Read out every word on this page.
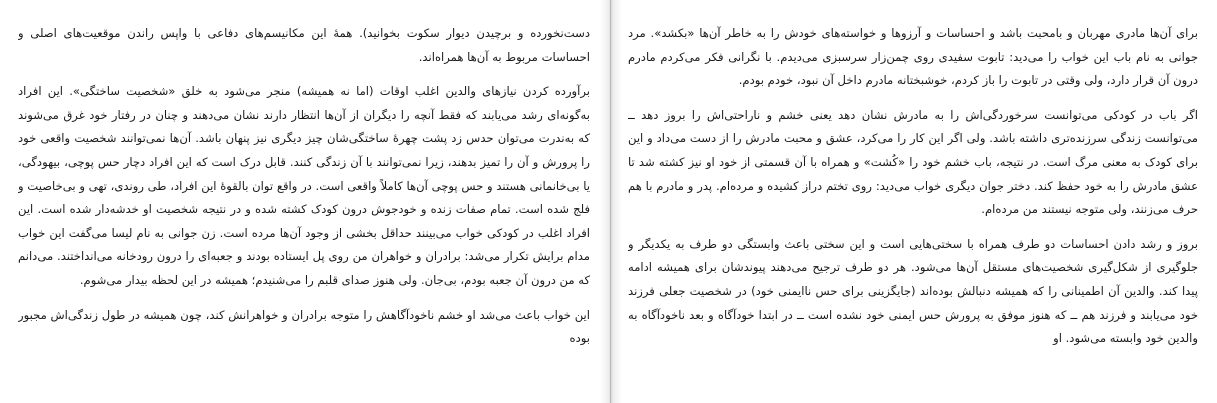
دست‌نخورده و برچیدن دیوار سکوت بخوانید). همهٔ این مکانیسم‌های دفاعی با واپس راندن موقعیت‌های اصلی و احساسات مربوط به آن‌ها همراه‌اند.

برآورده کردن نیازهای والدین اغلب اوقات (اما نه همیشه) منجر می‌شود به خلق «شخصیت ساختگی». این افراد به‌گونه‌ای رشد می‌یابند که فقط آنچه را دیگران از آن‌ها انتظار دارند نشان می‌دهند و چنان در رفتار خود غرق می‌شوند که به‌ندرت می‌توان حدس زد پشت چهرهٔ ساختگی‌شان چیز دیگری نیز پنهان باشد. آن‌ها نمی‌توانند شخصیت واقعی خود را پرورش و آن را تمیز بدهند، زیرا نمی‌توانند با آن زندگی کنند. قابل درک است که این افراد دچار حس پوچی، بیهودگی، یا بی‌خانمانی هستند و حس پوچی آن‌ها کاملاً واقعی است. در واقع توان بالقوهٔ این افراد، طی روندی، تهی و بی‌خاصیت و فلج شده است. تمام صفات زنده و خودجوش درون کودک کشته شده و در نتیجه شخصیت او خدشه‌دار شده است. این افراد اغلب در کودکی خواب می‌بینند حداقل بخشی از وجود آن‌ها مرده است. زن جوانی به نام لیسا می‌گفت این خواب مدام برایش تکرار می‌شد: برادران و خواهران من روی پل ایستاده بودند و جعبه‌ای را درون رودخانه می‌انداختند. می‌دانم که من درون آن جعبه بودم، بی‌جان. ولی هنوز صدای قلبم را می‌شنیدم؛ همیشه در این لحظه بیدار می‌شوم.

این خواب باعث می‌شد او خشم ناخودآگاهش را متوجه برادران و خواهرانش کند، چون همیشه در طول زندگی‌اش مجبور بوده

برای آن‌ها مادری مهربان و بامحبت باشد و احساسات و آرزوها و خواسته‌های خودش را به خاطر آن‌ها «بکشد». مرد جوانی به نام باب این خواب را می‌دید: تابوت سفیدی روی چمن‌زار سرسبزی می‌دیدم. با نگرانی فکر می‌کردم مادرم درون آن قرار دارد، ولی وقتی در تابوت را باز کردم، خوشبختانه مادرم داخل آن نبود، خودم بودم.

اگر باب در کودکی می‌توانست سرخوردگی‌اش را به مادرش نشان دهد یعنی خشم و ناراحتی‌اش را بروز دهد ــ می‌توانست زندگی سرزنده‌تری داشته باشد. ولی اگر این کار را می‌کرد، عشق و محبت مادرش را از دست می‌داد و این برای کودک به معنی مرگ است. در نتیجه، باب خشم خود را «کُشت» و همراه با آن قسمتی از خود او نیز کشته شد تا عشق مادرش را به خود حفظ کند. دختر جوان دیگری خواب می‌دید: روی تختم دراز کشیده و مرده‌ام. پدر و مادرم با هم حرف می‌زنند، ولی متوجه نیستند من مرده‌ام.

بروز و رشد دادن احساسات دو طرف همراه با سختی‌هایی است و این سختی باعث وابستگی دو طرف به یکدیگر و جلوگیری از شکل‌گیری شخصیت‌های مستقل آن‌ها می‌شود. هر دو طرف ترجیح می‌دهند پیوندشان برای همیشه ادامه پیدا کند. والدین آن اطمینانی را که همیشه دنبالش بوده‌اند (جایگزینی برای حس ناایمنی خود) در شخصیت جعلی فرزند خود می‌یابند و فرزند هم ــ که هنوز موفق به پرورش حس ایمنی خود نشده است ــ در ابتدا خودآگاه و بعد ناخودآگاه به والدین خود وابسته می‌شود. او
